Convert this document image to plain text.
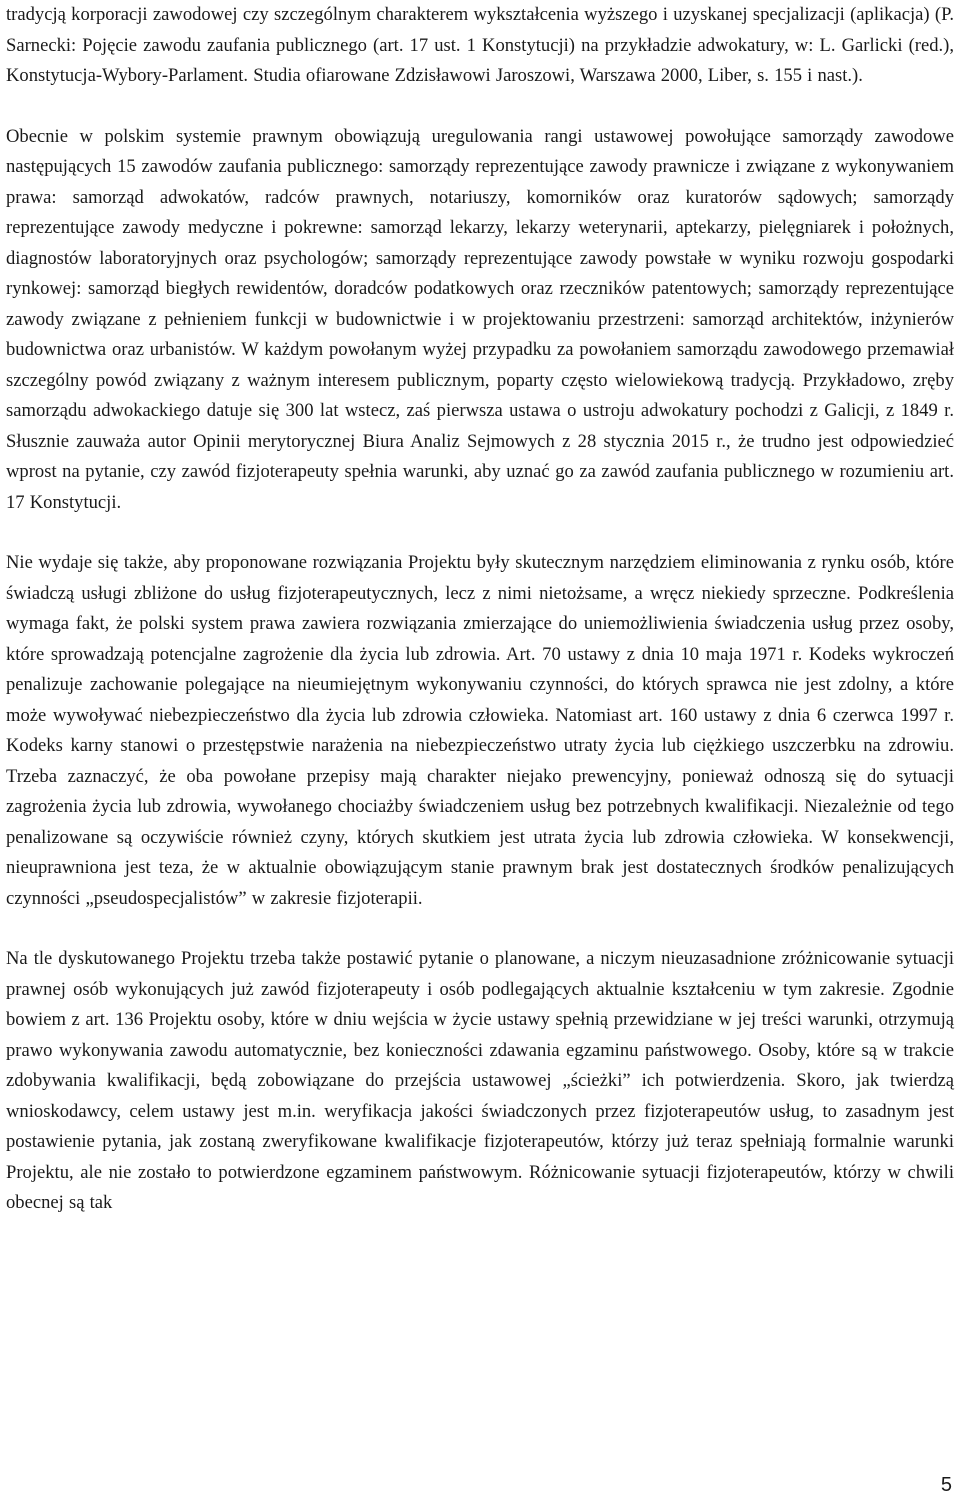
tradycją korporacji zawodowej czy szczególnym charakterem wykształcenia wyższego i uzyskanej specjalizacji (aplikacja) (P. Sarnecki: Pojęcie zawodu zaufania publicznego (art. 17 ust. 1 Konstytucji) na przykładzie adwokatury, w: L. Garlicki (red.), Konstytucja-Wybory-Parlament. Studia ofiarowane Zdzisławowi Jaroszowi, Warszawa 2000, Liber, s. 155 i nast.).

Obecnie w polskim systemie prawnym obowiązują uregulowania rangi ustawowej powołujące samorządy zawodowe następujących 15 zawodów zaufania publicznego: samorządy reprezentujące zawody prawnicze i związane z wykonywaniem prawa: samorząd adwokatów, radców prawnych, notariuszy, komorników oraz kuratorów sądowych; samorządy reprezentujące zawody medyczne i pokrewne: samorząd lekarzy, lekarzy weterynarii, aptekarzy, pielęgniarek i położnych, diagnostów laboratoryjnych oraz psychologów; samorządy reprezentujące zawody powstałe w wyniku rozwoju gospodarki rynkowej: samorząd biegłych rewidentów, doradców podatkowych oraz rzeczników patentowych; samorządy reprezentujące zawody związane z pełnieniem funkcji w budownictwie i w projektowaniu przestrzeni: samorząd architektów, inżynierów budownictwa oraz urbanistów. W każdym powołanym wyżej przypadku za powołaniem samorządu zawodowego przemawiał szczególny powód związany z ważnym interesem publicznym, poparty często wielowiekową tradycją. Przykładowo, zręby samorządu adwokackiego datuje się 300 lat wstecz, zaś pierwsza ustawa o ustroju adwokatury pochodzi z Galicji, z 1849 r. Słusznie zauważa autor Opinii merytorycznej Biura Analiz Sejmowych z 28 stycznia 2015 r., że trudno jest odpowiedzieć wprost na pytanie, czy zawód fizjoterapeuty spełnia warunki, aby uznać go za zawód zaufania publicznego w rozumieniu art. 17 Konstytucji.

Nie wydaje się także, aby proponowane rozwiązania Projektu były skutecznym narzędziem eliminowania z rynku osób, które świadczą usługi zbliżone do usług fizjoterapeutycznych, lecz z nimi nietożsame, a wręcz niekiedy sprzeczne. Podkreślenia wymaga fakt, że polski system prawa zawiera rozwiązania zmierzające do uniemożliwienia świadczenia usług przez osoby, które sprowadzają potencjalne zagrożenie dla życia lub zdrowia. Art. 70 ustawy z dnia 10 maja 1971 r. Kodeks wykroczeń penalizuje zachowanie polegające na nieumiejętnym wykonywaniu czynności, do których sprawca nie jest zdolny, a które może wywoływać niebezpieczeństwo dla życia lub zdrowia człowieka. Natomiast art. 160 ustawy z dnia 6 czerwca 1997 r. Kodeks karny stanowi o przestępstwie narażenia na niebezpieczeństwo utraty życia lub ciężkiego uszczerbku na zdrowiu. Trzeba zaznaczyć, że oba powołane przepisy mają charakter niejako prewencyjny, ponieważ odnoszą się do sytuacji zagrożenia życia lub zdrowia, wywołanego chociażby świadczeniem usług bez potrzebnych kwalifikacji. Niezależnie od tego penalizowane są oczywiście również czyny, których skutkiem jest utrata życia lub zdrowia człowieka. W konsekwencji, nieuprawniona jest teza, że w aktualnie obowiązującym stanie prawnym brak jest dostatecznych środków penalizujących czynności „pseudospecjalistów” w zakresie fizjoterapii.

Na tle dyskutowanego Projektu trzeba także postawić pytanie o planowane, a niczym nieuzasadnione zróżnicowanie sytuacji prawnej osób wykonujących już zawód fizjoterapeuty i osób podlegających aktualnie kształceniu w tym zakresie. Zgodnie bowiem z art. 136 Projektu osoby, które w dniu wejścia w życie ustawy spełnią przewidziane w jej treści warunki, otrzymują prawo wykonywania zawodu automatycznie, bez konieczności zdawania egzaminu państwowego. Osoby, które są w trakcie zdobywania kwalifikacji, będą zobowiązane do przejścia ustawowej „ścieżki” ich potwierdzenia. Skoro, jak twierdzą wnioskodawcy, celem ustawy jest m.in. weryfikacja jakości świadczonych przez fizjoterapeutów usług, to zasadnym jest postawienie pytania, jak zostaną zweryfikowane kwalifikacje fizjoterapeutów, którzy już teraz spełniają formalnie warunki Projektu, ale nie zostało to potwierdzone egzaminem państwowym. Różnicowanie sytuacji fizjoterapeutów, którzy w chwili obecnej są tak

5
